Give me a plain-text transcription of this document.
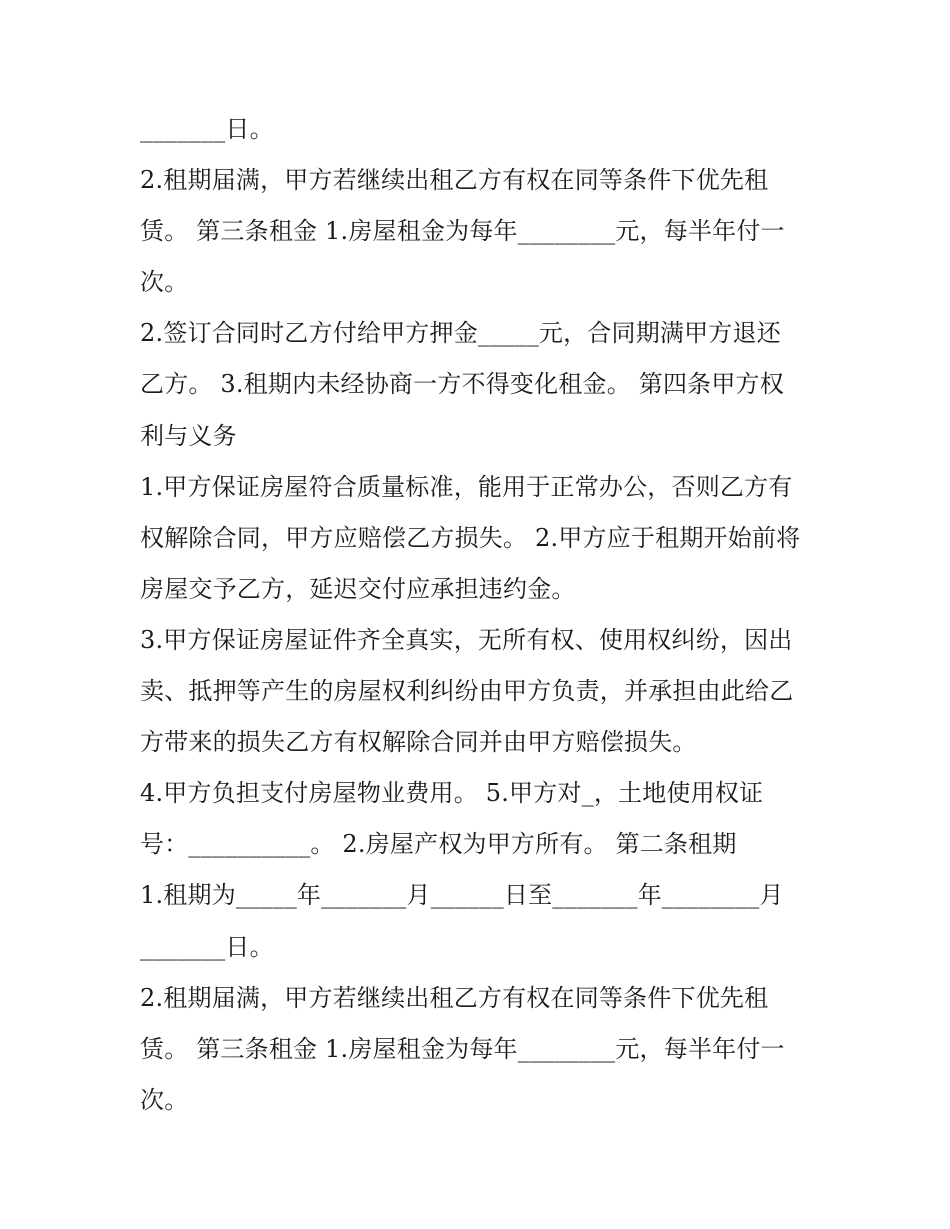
_______日。
2.租期届满，甲方若继续出租乙方有权在同等条件下优先租
赁。 第三条租金 1.房屋租金为每年________元，每半年付一
次。
2.签订合同时乙方付给甲方押金_____元，合同期满甲方退还
乙方。 3.租期内未经协商一方不得变化租金。 第四条甲方权
利与义务
1.甲方保证房屋符合质量标准，能用于正常办公，否则乙方有
权解除合同，甲方应赔偿乙方损失。 2.甲方应于租期开始前将
房屋交予乙方，延迟交付应承担违约金。
3.甲方保证房屋证件齐全真实，无所有权、使用权纠纷，因出
卖、抵押等产生的房屋权利纠纷由甲方负责，并承担由此给乙
方带来的损失乙方有权解除合同并由甲方赔偿损失。
4.甲方负担支付房屋物业费用。 5.甲方对_，土地使用权证
号：__________。 2.房屋产权为甲方所有。 第二条租期
1.租期为_____年_______月______日至_______年________月
_______日。
2.租期届满，甲方若继续出租乙方有权在同等条件下优先租
赁。 第三条租金 1.房屋租金为每年________元，每半年付一
次。
